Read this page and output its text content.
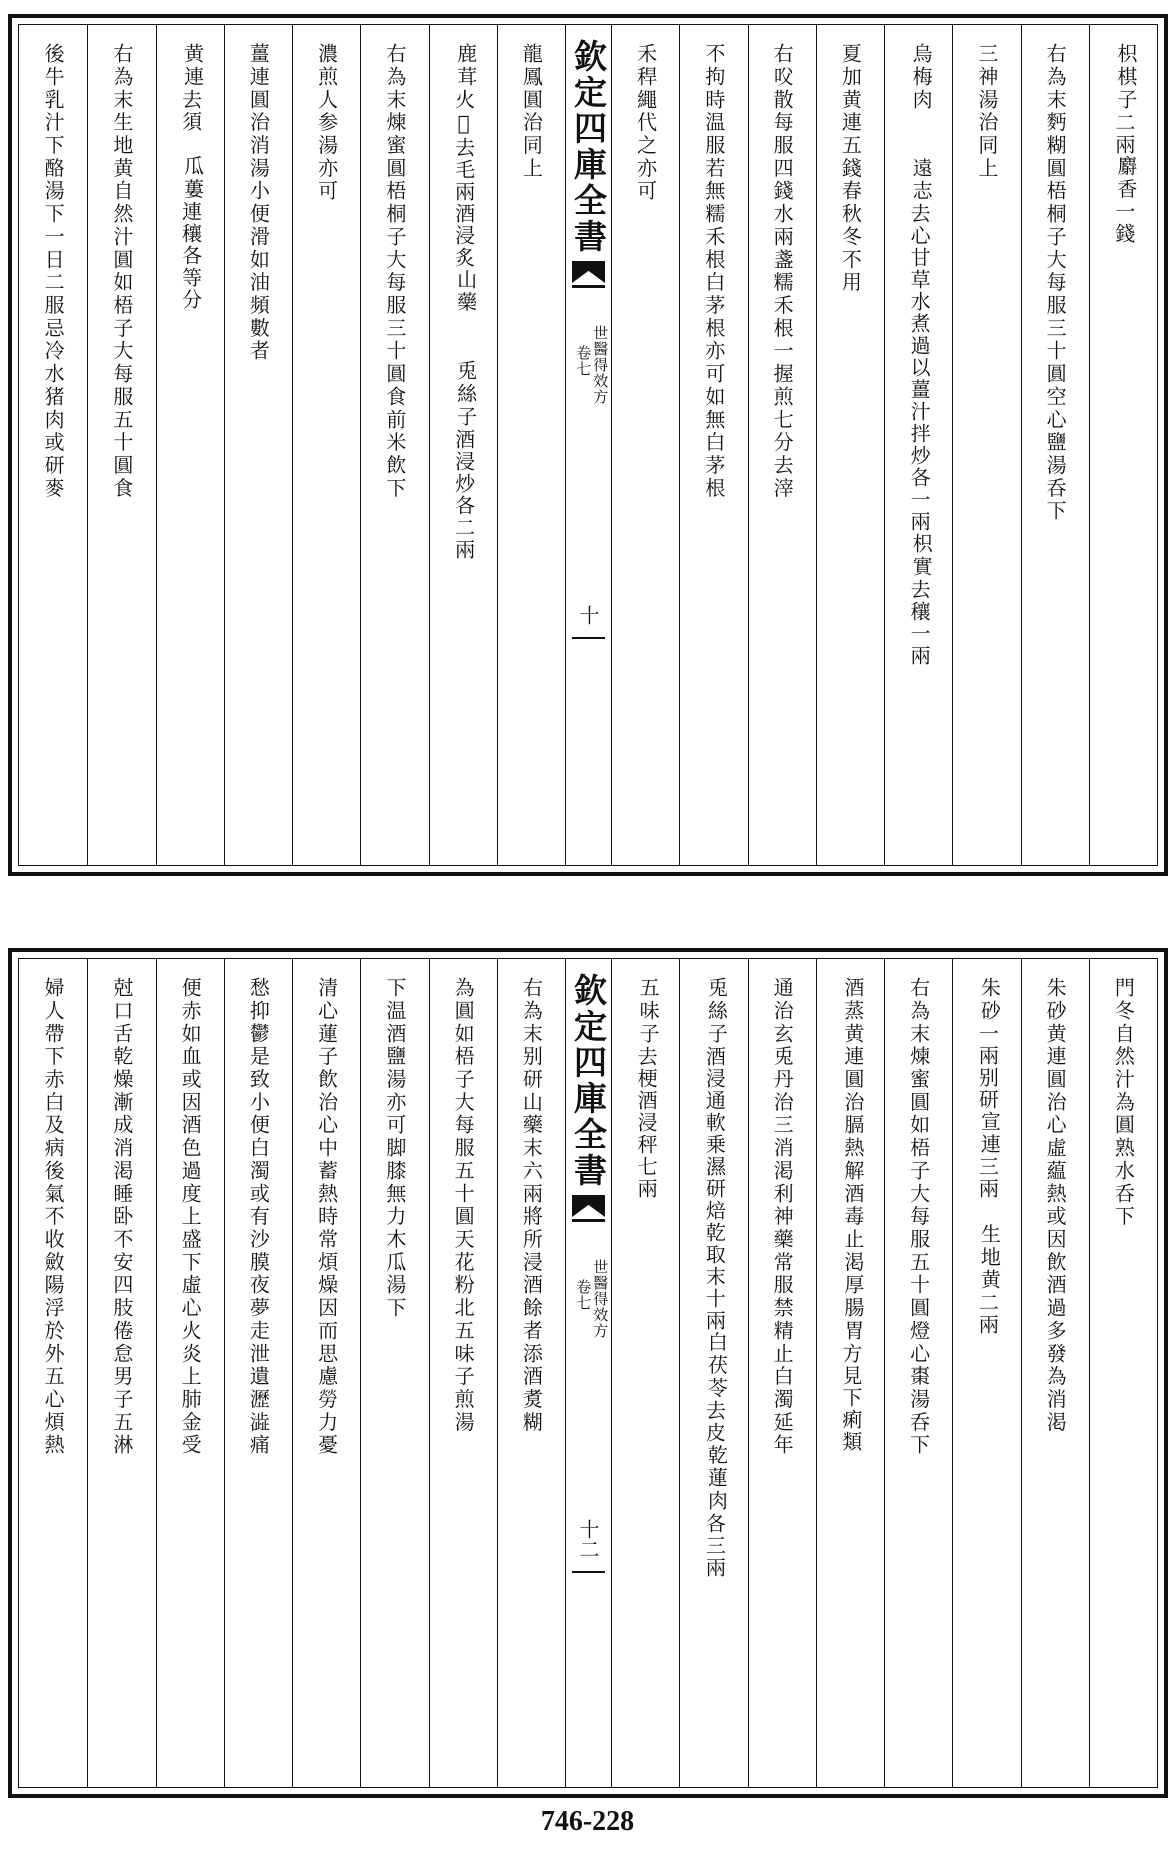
枳棋子二兩麝香一錢
右為末麪糊圓梧桐子大每服三十圓空心鹽湯呑下
三神湯治同上
烏梅肉　　遠志去心甘草水煮過以薑汁拌炒各一兩枳實去穰一兩
夏加黄連五錢春秋冬不用
右㕮散每服四錢水兩盞糯禾根一握煎七分去滓
不拘時温服若無糯禾根白茅根亦可如無白茅根
禾稈繩代之亦可
欽定四庫全書
世醫得效方
卷七
十
龍鳳圓治同上
鹿茸火𤋲去毛兩酒浸炙山藥　　兎絲子酒浸炒各二兩
右為末煉蜜圓梧桐子大每服三十圓食前米飲下
濃煎人参湯亦可
薑連圓治消湯小便滑如油頻數者
黄連去須　瓜蔞連穰各等分
右為末生地黄自然汁圓如梧子大每服五十圓食
後牛乳汁下酪湯下一日二服忌冷水猪肉或研麥
門冬自然汁為圓熟水呑下
朱砂黄連圓治心虛藴熱或因飲酒過多發為消渇
朱砂一兩别研宣連三兩　生地黄二兩
右為末煉蜜圓如梧子大每服五十圓燈心棗湯呑下
酒蒸黄連圓治膈熱解酒毒止渇厚腸胃方見下痢類
通治玄兎丹治三消渇利神藥常服禁精止白濁延年
兎絲子酒浸通軟乗濕研焙乾取末十兩白茯苓去皮乾蓮肉各三兩
五味子去梗酒浸秤七兩
欽定四庫全書
世醫得效方
卷七
十二
右為末别研山藥末六兩將所浸酒餘者添酒煑糊
為圓如梧子大每服五十圓天花粉北五味子煎湯
下温酒鹽湯亦可脚膝無力木瓜湯下
清心蓮子飲治心中蓄熱時常煩燥因而思慮勞力憂
愁抑鬱是致小便白濁或有沙膜夜夢走泄遺瀝澁痛
便赤如血或因酒色過度上盛下虛心火炎上肺金受
尅口舌乾燥漸成消渇睡卧不安四肢倦怠男子五淋
婦人帶下赤白及病後氣不收斂陽浮於外五心煩熱
746-228
